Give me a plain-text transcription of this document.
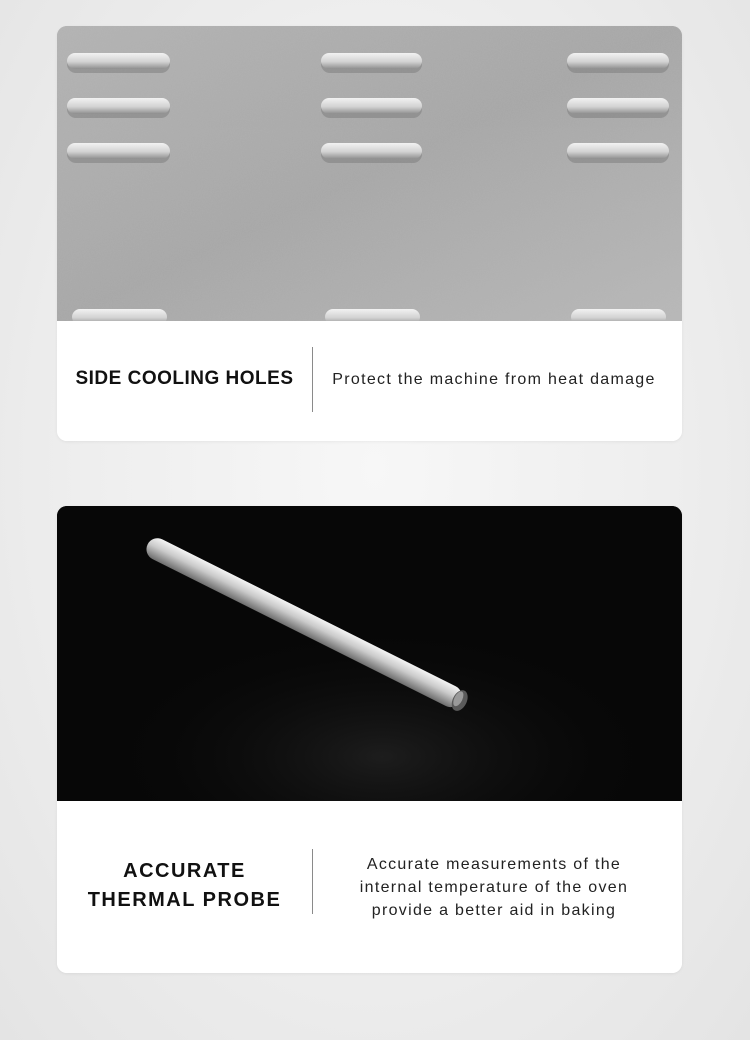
SIDE COOLING HOLES	Protect the machine from heat damage
ACCURATE
THERMAL PROBE
Accurate measurements of the
internal temperature of the oven
provide a better aid in baking
